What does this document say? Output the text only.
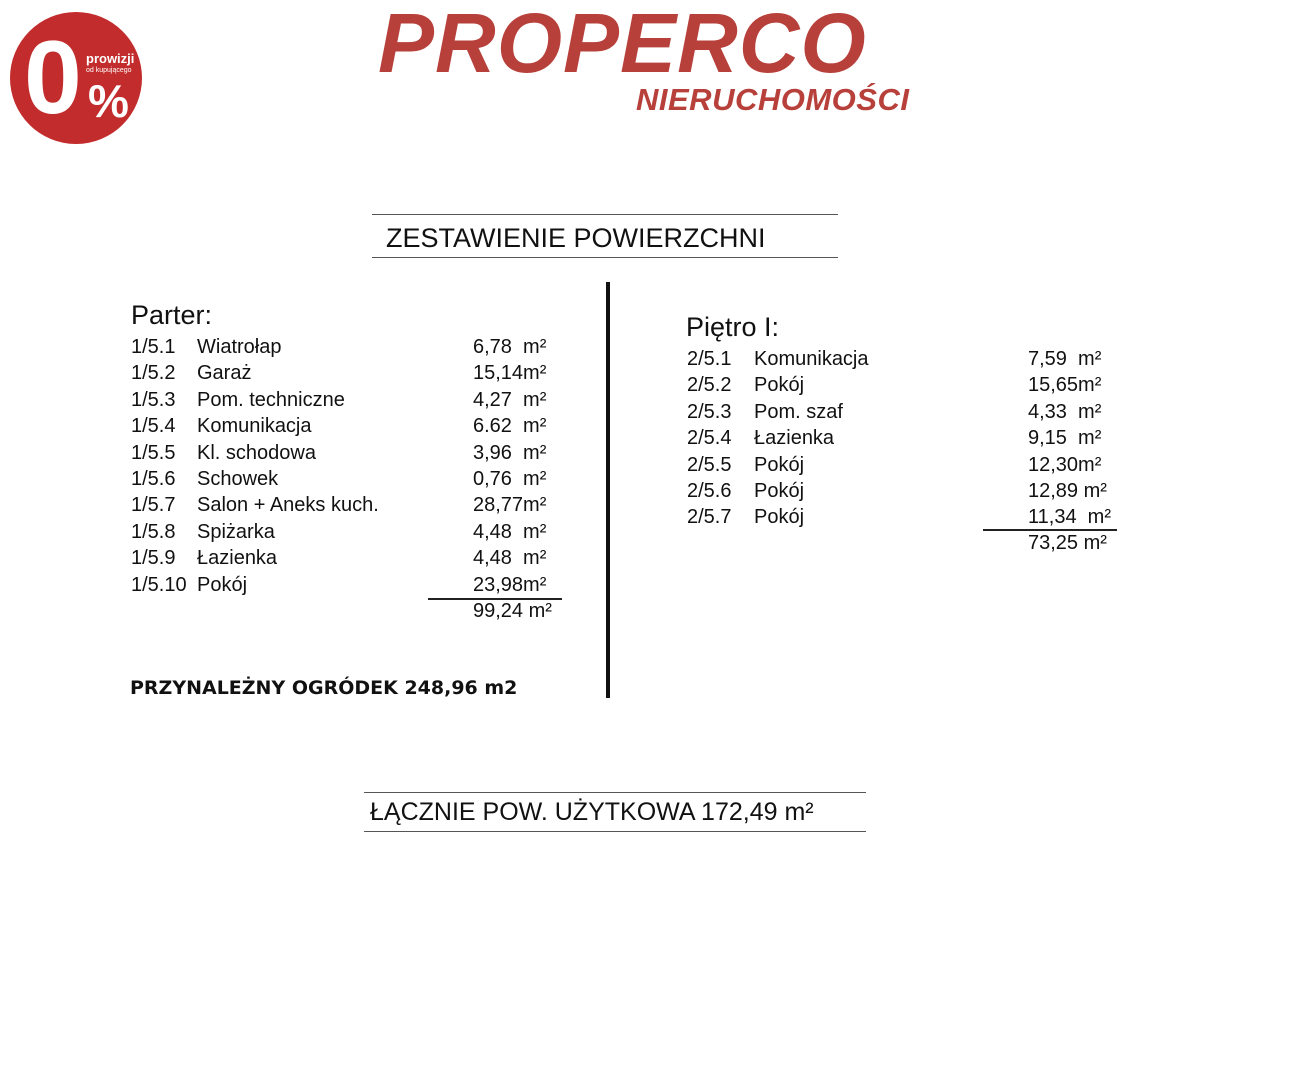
0 prowizji
od kupującego
%
PROPERCO
NIERUCHOMOŚCI
ZESTAWIENIE POWIERZCHNI
Parter:
1/5.1 Wiatrołap	6,78  m²
1/5.2 Garaż	15,14m²
1/5.3 Pom. techniczne	4,27  m²
1/5.4 Komunikacja	6.62  m²
1/5.5 Kl. schodowa	3,96  m²
1/5.6 Schowek	0,76  m²
1/5.7 Salon + Aneks kuch.	28,77m²
1/5.8 Spiżarka	4,48  m²
1/5.9 Łazienka	4,48  m²
1/5.10 Pokój	23,98m²
99,24 m²
Piętro I:
2/5.1 Komunikacja	7,59  m²
2/5.2 Pokój	15,65m²
2/5.3 Pom. szaf	4,33  m²
2/5.4 Łazienka	9,15  m²
2/5.5 Pokój	12,30m²
2/5.6 Pokój	12,89 m²
2/5.7 Pokój	11,34  m²
73,25 m²
PRZYNALEŻNY OGRÓDEK 248,96 m2
ŁĄCZNIE POW. UŻYTKOWA 172,49 m²
